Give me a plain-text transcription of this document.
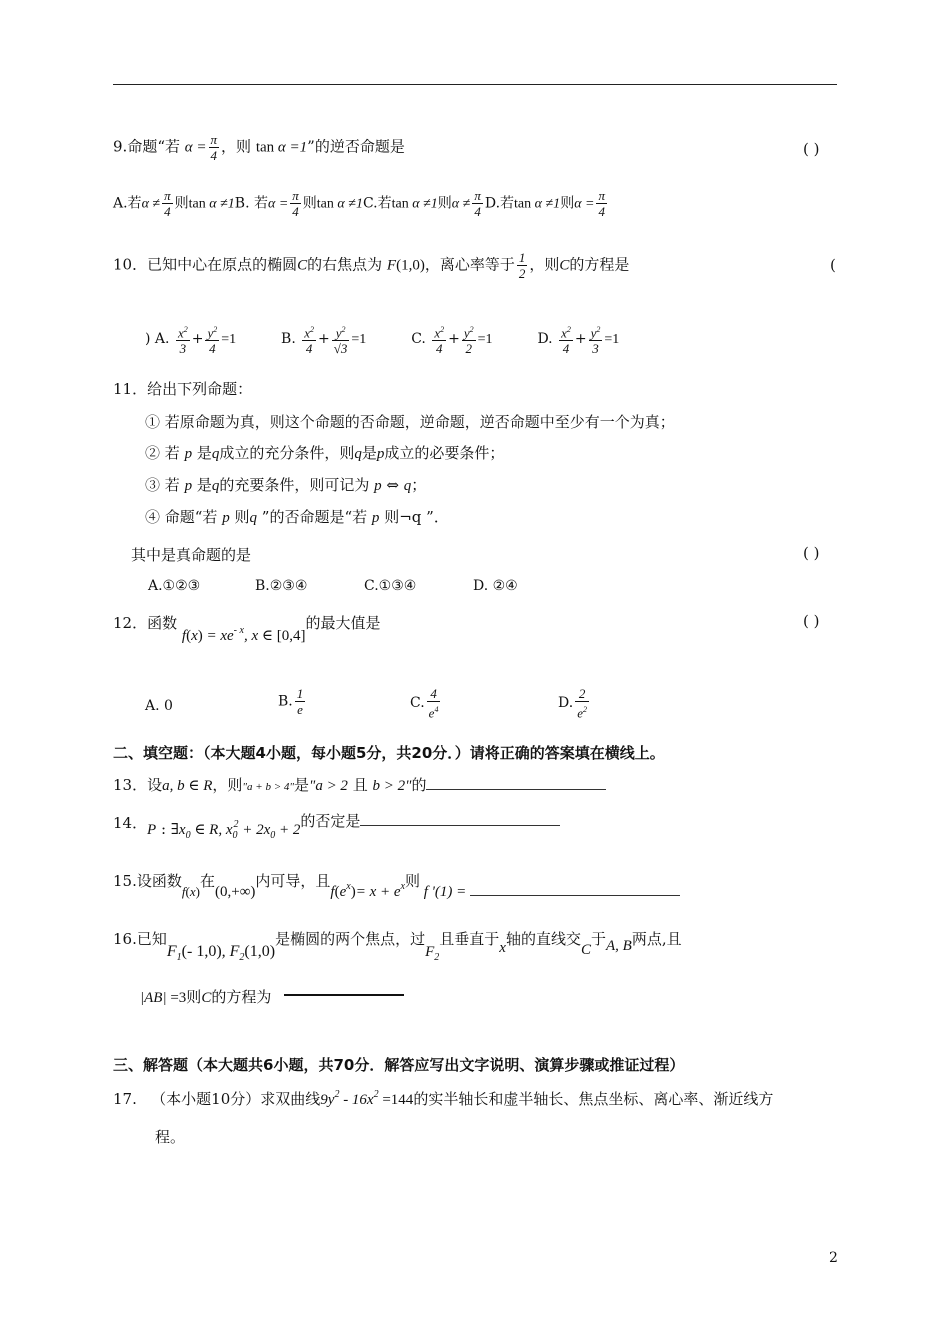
9.命题“若 $\alpha = \frac{\pi}{4}$ ，则 tan α =1”的逆否命题是	( )
A.若$\alpha \ne \frac{\pi}{4}$ 则tan α ≠1B. 若$\alpha = \frac{\pi}{4}$ 则tan α ≠1C.若tan α ≠1则$\alpha \ne \frac{\pi}{4} D$.若tan α ≠1则$\alpha = \frac{\pi}{4}$
10．已知中心在原点的椭圆C的右焦点为 F(1,0)，离心率等于 $\frac{1}{2}$ ，则C的方程是	(
) A. $\frac{x^2}{3} + \frac{y^2}{4} =1$	B. $\frac{x^2}{4} + \frac{y^2}{√3} =1$	C. $\frac{x^2}{4} + \frac{y^2}{2} =1$	D. $\frac{x^2}{4} + \frac{y^2}{3} =1$
11．给出下列命题：
① 若原命题为真，则这个命题的否命题，逆命题，逆否命题中至少有一个为真；
② 若 p 是q成立的充分条件，则q是p成立的必要条件；
③ 若 p 是q的充要条件，则可记为 p ⇔ q；
④ 命题“若 p 则q ”的否命题是“若 p 则¬q ”．
其中是真命题的是	( )
A.①②③	B.②③④	C.①③④	D. ②④
12．函数 $f(x) = xe^{- x}$, x ∈ [0,4]的最大值是	( )
A. 0	B. $\frac{1}{e}$	C. $\frac{4}{e^4}$	D. $\frac{2}{e^2}$
二、填空题：（本大题4小题，每小题5分，共20分．）请将正确的答案填在横线上。
13．设a, b ∈ R，则"a + b > 4"是"a > 2 且 b > 2"的
14． P : $\exists x_0$ ∈ R, $x_0^2 + 2x_0 + 2$的否定是
15.设函数f(x)在(0,+∞)内可导，且$f(e^x)= x + e^x$则 f '(1) =
16.已知$F_1(-$ 1,0), $F_2(1,0)$是椭圆的两个焦点，过$F_2$且垂直于x轴的直线交C于A, B两点,且
|AB| =3则C的方程为
三、解答题（本大题共6小题，共70分．解答应写出文字说明、演算步骤或推证过程）
17. （本小题10分）求双曲线$9y^2 - 16x^2 =144$的实半轴长和虚半轴长、焦点坐标、离心率、渐近线方
程。
2
